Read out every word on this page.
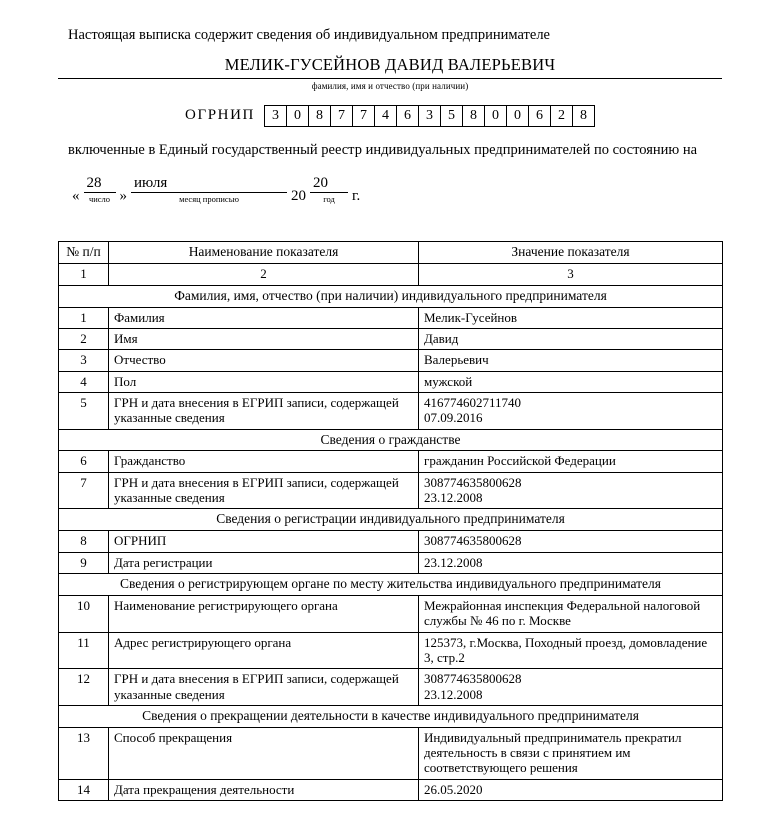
Настоящая выписка содержит сведения об индивидуальном предпринимателе
МЕЛИК-ГУСЕЙНОВ ДАВИД ВАЛЕРЬЕВИЧ
фамилия, имя и отчество (при наличии)
ОГРНИП	3	0	8	7	7	4	6	3	5	8	0	0	6	2	8
включенные в Единый государственный реестр индивидуальных предпринимателей по состоянию на
«
28
число »
июля
месяц прописью	20
20
год г.
№ п/п	Наименование показателя	Значение показателя
1	2	3
Фамилия, имя, отчество (при наличии) индивидуального предпринимателя		
1	Фамилия	Мелик-Гусейнов
2	Имя	Давид
3	Отчество	Валерьевич
4	Пол	мужской
5	ГРН и дата внесения в ЕГРИП записи, содержащей указанные сведения	416774602711740
07.09.2016

Сведения о гражданстве		
6	Гражданство	гражданин Российской Федерации
7	ГРН и дата внесения в ЕГРИП записи, содержащей указанные сведения	308774635800628
23.12.2008

Сведения о регистрации индивидуального предпринимателя		
8	ОГРНИП	308774635800628
9	Дата регистрации	23.12.2008
Сведения о регистрирующем органе по месту жительства индивидуального предпринимателя		
10	Наименование регистрирующего органа	Межрайонная инспекция Федеральной налоговой службы № 46 по г. Москве
11	Адрес регистрирующего органа	125373, г.Москва, Походный проезд, домовладение 3, стр.2
12	ГРН и дата внесения в ЕГРИП записи, содержащей указанные сведения	308774635800628
23.12.2008

Сведения о прекращении деятельности в качестве индивидуального предпринимателя		
13	Способ прекращения	Индивидуальный предприниматель прекратил деятельность в связи с принятием им соответствующего решения
14	Дата прекращения деятельности	26.05.2020
